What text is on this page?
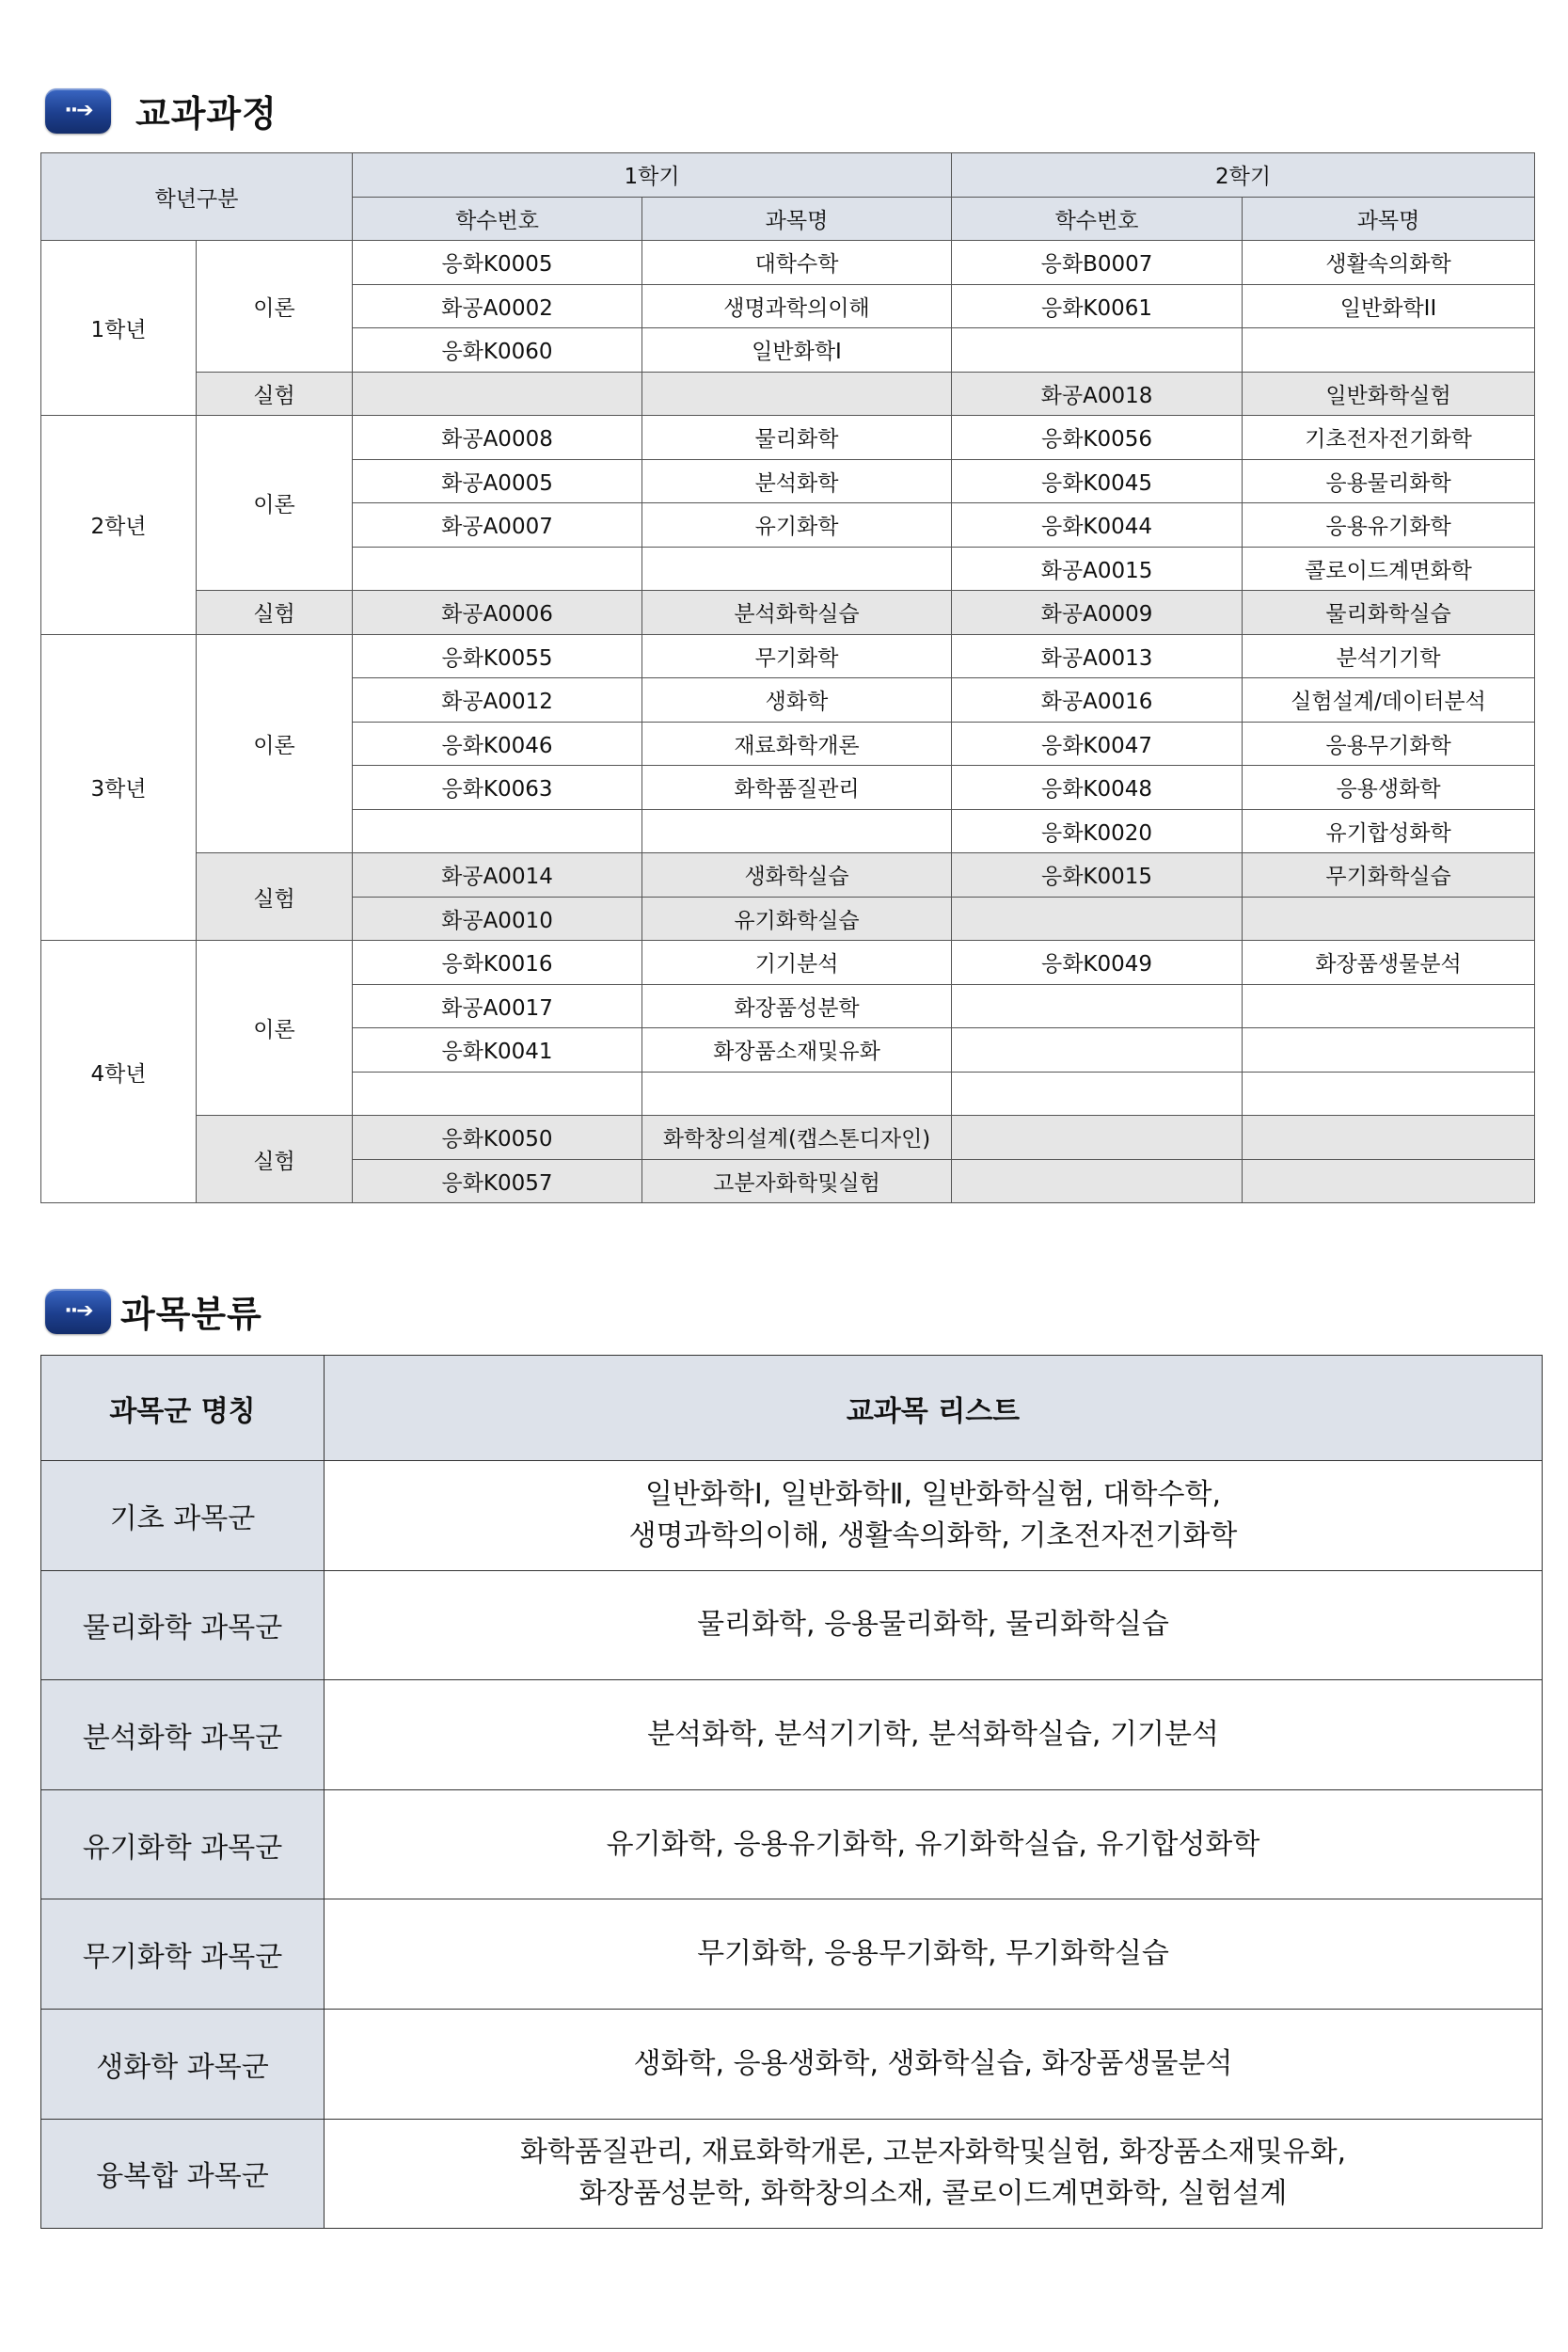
··➔	교과과정
학년구분		1학기		2학기	
		학수번호	과목명	학수번호	과목명
1학년	이론	응화K0005	대학수학	응화B0007	생활속의화학
		화공A0002	생명과학의이해	응화K0061	일반화학II
		응화K0060	일반화학I		
	실험			화공A0018	일반화학실험
2학년	이론	화공A0008	물리화학	응화K0056	기초전자전기화학
		화공A0005	분석화학	응화K0045	응용물리화학
		화공A0007	유기화학	응화K0044	응용유기화학
				화공A0015	콜로이드계면화학
	실험	화공A0006	분석화학실습	화공A0009	물리화학실습
3학년	이론	응화K0055	무기화학	화공A0013	분석기기학
		화공A0012	생화학	화공A0016	실험설계/데이터분석
		응화K0046	재료화학개론	응화K0047	응용무기화학
		응화K0063	화학품질관리	응화K0048	응용생화학
				응화K0020	유기합성화학
	실험	화공A0014	생화학실습	응화K0015	무기화학실습
		화공A0010	유기화학실습		
4학년	이론	응화K0016	기기분석	응화K0049	화장품생물분석
		화공A0017	화장품성분학		
		응화K0041	화장품소재및유화		

	실험	응화K0050	화학창의설계(캡스톤디자인)		
		응화K0057	고분자화학및실험		
··➔ 과목분류
과목군 명칭	교과목 리스트
기초 과목군	일반화학Ⅰ, 일반화학Ⅱ, 일반화학실험, 대학수학,
생명과학의이해, 생활속의화학, 기초전자전기화학

물리화학 과목군	물리화학, 응용물리화학, 물리화학실습

분석화학 과목군	분석화학, 분석기기학, 분석화학실습, 기기분석

유기화학 과목군	유기화학, 응용유기화학, 유기화학실습, 유기합성화학

무기화학 과목군	무기화학, 응용무기화학, 무기화학실습

생화학 과목군	생화학, 응용생화학, 생화학실습, 화장품생물분석

융복합 과목군	화학품질관리, 재료화학개론, 고분자화학및실험, 화장품소재및유화,
화장품성분학, 화학창의소재, 콜로이드계면화학, 실험설계
